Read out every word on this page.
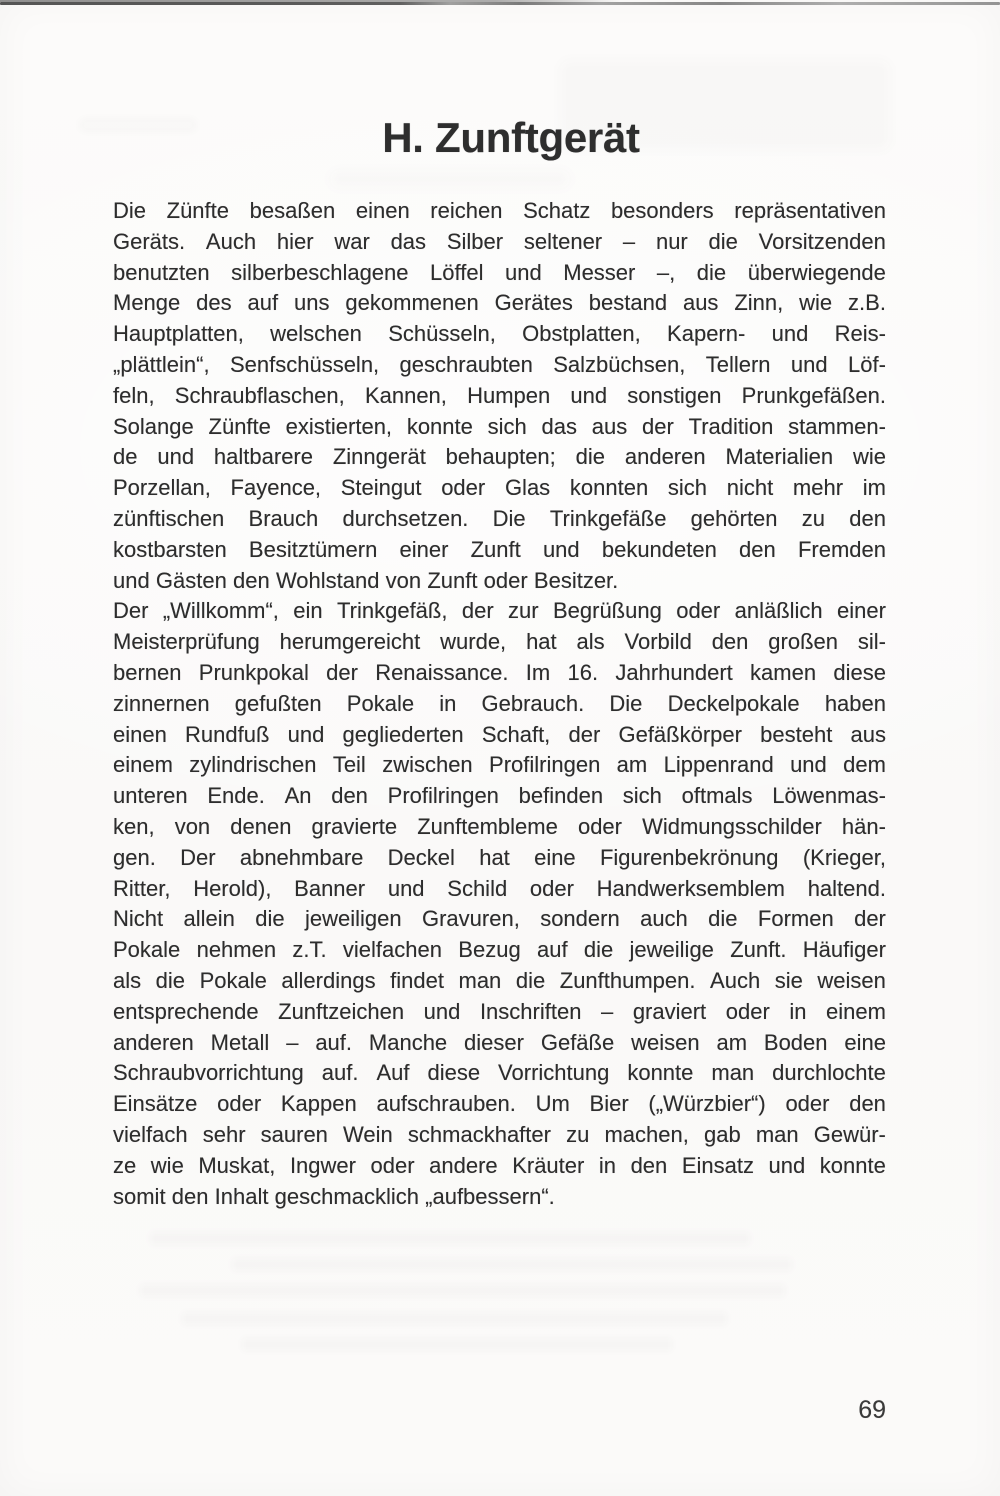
H. Zunftgerät
Die Zünfte besaßen einen reichen Schatz besonders repräsentativen
Geräts. Auch hier war das Silber seltener – nur die Vorsitzenden
benutzten silberbeschlagene Löffel und Messer –, die überwiegende
Menge des auf uns gekommenen Gerätes bestand aus Zinn, wie z.B.
Hauptplatten, welschen Schüsseln, Obstplatten, Kapern- und Reis-
„plättlein“, Senfschüsseln, geschraubten Salzbüchsen, Tellern und Löf-
feln, Schraubflaschen, Kannen, Humpen und sonstigen Prunkgefäßen.
Solange Zünfte existierten, konnte sich das aus der Tradition stammen-
de und haltbarere Zinngerät behaupten; die anderen Materialien wie
Porzellan, Fayence, Steingut oder Glas konnten sich nicht mehr im
zünftischen Brauch durchsetzen. Die Trinkgefäße gehörten zu den
kostbarsten Besitztümern einer Zunft und bekundeten den Fremden
und Gästen den Wohlstand von Zunft oder Besitzer.
Der „Willkomm“, ein Trinkgefäß, der zur Begrüßung oder anläßlich einer
Meisterprüfung herumgereicht wurde, hat als Vorbild den großen sil-
bernen Prunkpokal der Renaissance. Im 16. Jahrhundert kamen diese
zinnernen gefußten Pokale in Gebrauch. Die Deckelpokale haben
einen Rundfuß und gegliederten Schaft, der Gefäßkörper besteht aus
einem zylindrischen Teil zwischen Profilringen am Lippenrand und dem
unteren Ende. An den Profilringen befinden sich oftmals Löwenmas-
ken, von denen gravierte Zunftembleme oder Widmungsschilder hän-
gen. Der abnehmbare Deckel hat eine Figurenbekrönung (Krieger,
Ritter, Herold), Banner und Schild oder Handwerksemblem haltend.
Nicht allein die jeweiligen Gravuren, sondern auch die Formen der
Pokale nehmen z.T. vielfachen Bezug auf die jeweilige Zunft. Häufiger
als die Pokale allerdings findet man die Zunfthumpen. Auch sie weisen
entsprechende Zunftzeichen und Inschriften – graviert oder in einem
anderen Metall – auf. Manche dieser Gefäße weisen am Boden eine
Schraubvorrichtung auf. Auf diese Vorrichtung konnte man durchlochte
Einsätze oder Kappen aufschrauben. Um Bier („Würzbier“) oder den
vielfach sehr sauren Wein schmackhafter zu machen, gab man Gewür-
ze wie Muskat, Ingwer oder andere Kräuter in den Einsatz und konnte
somit den Inhalt geschmacklich „aufbessern“.
69
